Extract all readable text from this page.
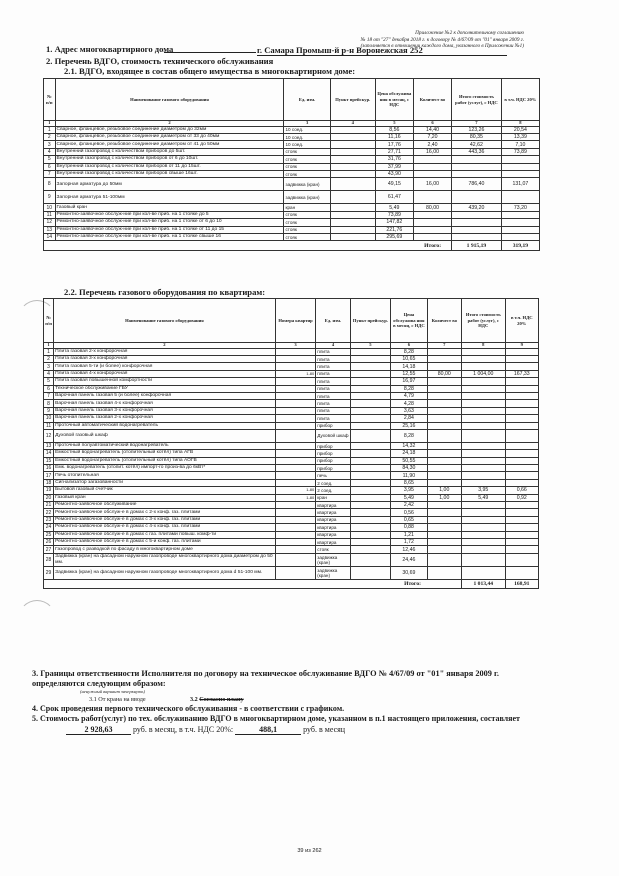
Приложение №2 к дополнительному соглашению
№ 18 от "27" декабря 2018 г. к договору № 4/67/09 от "01" января 2009 г.
(заполняется в отношении каждого дома, указанного в Приложении №1)
1. Адрес многоквартирного дома	г. Самара Промыш-й р-н Воронежская 252
2. Перечень ВДГО, стоимость технического обслуживания
2.1. ВДГО, входящее в состав общего имущества в многоквартирном доме:
№ п/п	Наименование газового оборудования	Ед. изм.	Пункт прейскур.	Цена обслужива ния в месяц, с НДС	Количест во	Итого стоимость работ (услуг), с НДС	в т.ч. НДС 20%
1	2	3	4	5	6	7	8
1	Сварное, фланцевое, резьбовое соединение диаметром до 32мм	10 соед.		8,56	14,40	123,26	20,54
2	Сварное, фланцевое, резьбовое соединение диаметром от 33 до 40мм	10 соед.		11,16	7,20	80,35	13,39
3	Сварное, фланцевое, резьбовое соединение диаметром от 41 до 50мм	10 соед.		17,76	2,40	42,62	7,10
4	Внутренний газопровод с количеством приборов до 5шт.	стояк		27,71	16,00	443,36	73,89
5	Внутренний газопровод с количеством приборов от 6 до 10шт.	стояк		31,76			
6	Внутренний газопровод с количеством приборов от 11 до 15шт.	стояк		37,99			
7	Внутренний газопровод с количеством приборов свыше 16шт.	стояк		43,90			
8	Запорная арматура до 50мм	задвижка (кран)		49,15	16,00	786,40	131,07
9	Запорная арматура 51-100мм	задвижка (кран)		61,47			
10	Газовый кран	кран		5,49	80,00	439,20	73,20
11	Ремонтно-заявочное обслуж-ние при кол-ве приб. на 1 стояке до 5	стояк		73,89			
12	Ремонтно-заявочное обслуж-ние при кол-ве приб. на 1 стояке от 6 до 10	стояк		147,82			
13	Ремонтно-заявочное обслуж-ние при кол-ве приб. на 1 стояке от 11 до 15	стояк		221,76			
14	Ремонтно-заявочное обслуж-ние при кол-ве приб. на 1 стояке свыше 16	стояк		295,69			
Итого:						1 915,19	319,19
2.2. Перечень газового оборудования по квартирам:
№ п/п	Наименование газового оборудования	Номера квартир	Ед. изм.	Пункт прейскур.	Цена обслужива ния в месяц, с НДС	Количест во	Итого стоимость работ (услуг), с НДС	в т.ч. НДС 20%
1	2	3	4	5	6	7	8	9
1	Плита газовая 2-х конфорочная		плита		8,28			
2	Плита газовая 3-х конфорочная		плита		10,65			
3	Плита газовая 5-ти (и более) конфорочная		плита		14,18			
4	Плита газовая 4-х конфорочная	1-80	плита		12,55	80,00	1 004,00	167,33
5	Плита газовая повышенной комфортности		плита		16,97			
6	Техническое обслуживание ГБУ		плита		8,28			
7	Варочная панель газовая 5 (и более) конфорочная		плита		4,79			
8	Варочная панель газовая 4-х конфорочная		плита		4,28			
9	Варочная панель газовая 3-х конфорочная		плита		3,63			
10	Варочная панель газовая 2-х конфорочная		плита		2,84			
11	Проточный автоматический водонагреватель		прибор		25,16			
12	Духовой газовый шкаф		Духовой шкаф		8,28			
13	Проточный полуавтоматический водонагреватель		прибор		14,32			
14	Емкостный водонагреватель (отопительный котёл) типа АГВ		прибор		24,18			
15	Емкостный водонагреватель (отопительный котёл) типа АОГВ		прибор		50,55			
16	Емк. водонагреватель (отопит. котёл) импорт-го произ-ва до 6кВт*		прибор		84,30			
17	Печь отопительная		печь		11,90			
18	Сигнализатор загазованности		2 соед.		8,65			
19	Бытовой газовый счетчик	1-80	2 соед.		3,95	1,00	3,95	0,66
20	Газовый кран	1-80	кран		5,49	1,00	5,49	0,92
21	Ремонтно-заявочное обслуживание		квартира		2,42			
22	Ремонтно-заявочное обслуж-е в домах с 2-х конф. газ. плитами		квартира		0,56			
23	Ремонтно-заявочное обслуж-е в домах с 3-х конф. газ. плитами		квартира		0,65			
24	Ремонтно-заявочное обслуж-е в домах с 4-х конф. газ. плитами		квартира		0,88			
25	Ремонтно-заявочное обслуж-е в домах с газ. плитами повыш. комф-ти		квартира		1,21			
26	Ремонтно-заявочное обслуж-е в домах с 5-и конф. газ. плитами		квартира		1,72			
27	Газопровод с разводкой по фасаду в многоквартирном доме		стояк		12,46			
28	Задвижка (кран) на фасадном наружном газопроводе многоквартирного дома диаметром до 50 мм.		задвижка (кран)		24,46			
29	Задвижка (кран) на фасадном наружном газопроводе многоквартирного дома d 51-100 мм.		задвижка (кран)		30,69			
Итого:							1 013,44	168,91
3. Границы ответственности Исполнителя по договору на техническое обслуживание ВДГО № 4/67/09 от "01" января 2009 г.
определяются следующим образом:
(ненужный вариант зачеркнуть)
3.1 От крана на вводе	3.2 Согласно плану
4. Срок проведения первого технического обслуживания - в соответствии с графиком.
5. Стоимость работ(услуг) по тех. обслуживанию ВДГО в многоквартирном доме, указанном в п.1 настоящего приложения, составляет
2 928,63	руб. в месяц, в т.ч. НДС 20%:	488,1	руб. в месяц
39 из 262
